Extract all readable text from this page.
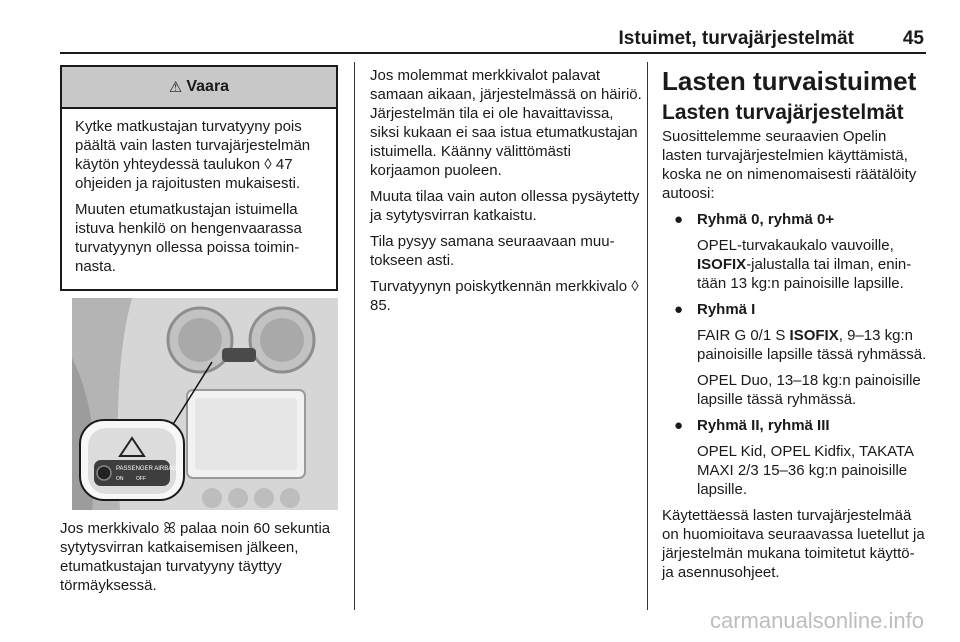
Istuimet, turvajärjestelmät	45
⚠ Vaara

Kytke matkustajan turvatyyny pois päältä vain lasten turvajärjestelmän käytön yhteydessä taulukon ◊ 47 ohjeiden ja rajoitusten mukaisesti.

Muuten etumatkustajan istuimella istuva henkilö on hengenvaarassa turvatyynyn ollessa poissa toiminnasta.

PASSENGER AIRBAG
ON	OFF

Jos merkkivalo ꕤ palaa noin 60 sekuntia sytytysvirran katkaisemisen jälkeen, etumatkustajan turvatyyny täyttyy törmäyksessä.

Jos molemmat merkkivalot palavat samaan aikaan, järjestelmässä on häiriö. Järjestelmän tila ei ole havaittavissa, siksi kukaan ei saa istua etumatkustajan istuimella. Käänny välittömästi korjaamon puoleen.

Muuta tilaa vain auton ollessa pysäytetty ja sytytysvirran katkaistu.

Tila pysyy samana seuraavaan muutokseen asti.

Turvatyynyn poiskytkennän merkkivalo ◊ 85.

Lasten turvaistuimet
Lasten turvajärjestelmät

Suosittelemme seuraavien Opelin lasten turvajärjestelmien käyttämistä, koska ne on nimenomaisesti räätälöity autoosi:

● Ryhmä 0, ryhmä 0+

OPEL-turvakaukalo vauvoille, ISOFIX-jalustalla tai ilman, enintään 13 kg:n painoisille lapsille.

● Ryhmä I

FAIR G 0/1 S ISOFIX, 9–13 kg:n painoisille lapsille tässä ryhmässä.

OPEL Duo, 13–18 kg:n painoisille lapsille tässä ryhmässä.

● Ryhmä II, ryhmä III

OPEL Kid, OPEL Kidfix, TAKATA MAXI 2/3 15–36 kg:n painoisille lapsille.

Käytettäessä lasten turvajärjestelmää on huomioitava seuraavassa luetellut ja järjestelmän mukana toimitetut käyttö- ja asennusohjeet.

carmanualsonline.info
